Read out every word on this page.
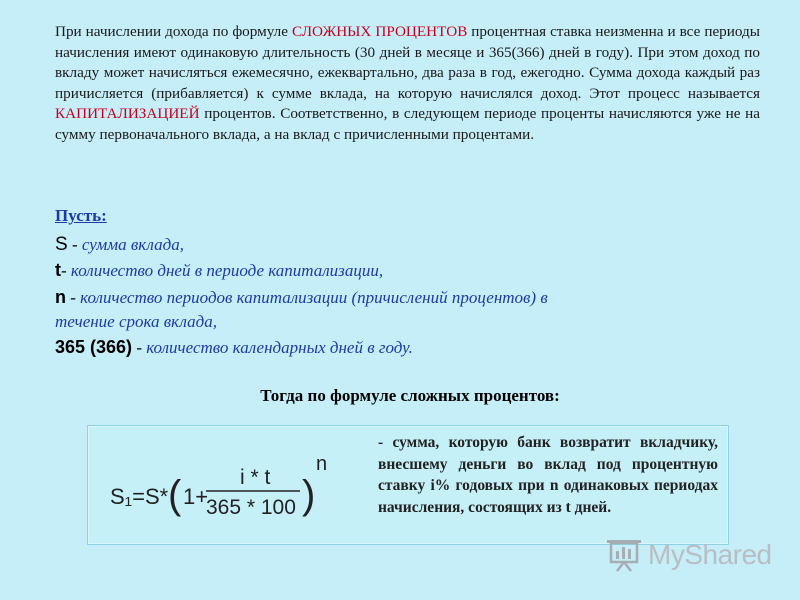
При начислении дохода по формуле СЛОЖНЫХ ПРОЦЕНТОВ процентная ставка неизменна и все периоды начисления имеют одинаковую длительность (30 дней в месяце и 365(366) дней в году). При этом доход по вкладу может начисляться ежемесячно, ежеквартально, два раза в год, ежегодно. Сумма дохода каждый раз причисляется (прибавляется) к сумме вклада, на которую начислялся доход. Этот процесс называется КАПИТАЛИЗАЦИЕЙ процентов. Соответственно, в следующем периоде проценты начисляются уже не на сумму первоначального вклада, а на вклад с причисленными процентами.
Пусть:
S - сумма вклада,
t- количество дней в периоде капитализации,
n - количество периодов капитализации (причислений процентов) в
течение срока вклада,
365 (366) - количество календарных дней в году.
Тогда по формуле сложных процентов:
S₁=S* ( 1+
i * t
365 * 100 )
n
- сумма, которую банк возвратит вкладчику, внесшему деньги во вклад под процентную ставку i% годовых при n одинаковых периодах начисления, состоящих из t дней.
MyShared
